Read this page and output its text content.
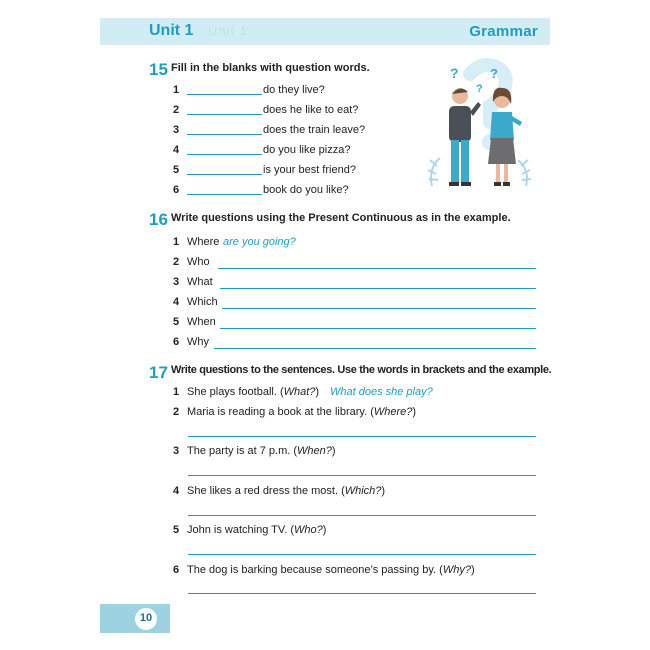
Unit 1 Unit 1	Grammar
?
?
?
15 Fill in the blanks with question words.
1	do they live?
2	does he like to eat?
3	does the train leave?
4	do you like pizza?
5	is your best friend?
6	book do you like?
16 Write questions using the Present Continuous as in the example.
1 Where are you going?
2 Who
3 What
4 Which
5 When
6 Why
17 Write questions to the sentences. Use the words in brackets and the example.
1 She plays football. (What?) What does she play?
2 Maria is reading a book at the library. (Where?)
3 The party is at 7 p.m. (When?)
4 She likes a red dress the most. (Which?)
5 John is watching TV. (Who?)
6 The dog is barking because someone’s passing by. (Why?)
10
